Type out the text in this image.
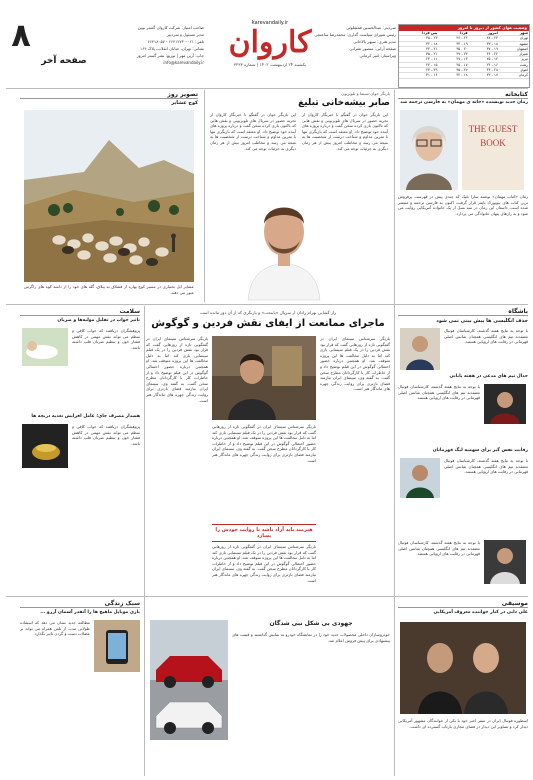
وضعیت هوای کشور از دیروز تا امروز
شهر	امروز	فردا	پس فردا
تهران	۲۴ - ۳۸	۲۲ - ۳۶	۲۳ - ۳۵
مشهد	۱۸ - ۳۳	۱۹ - ۳۴	۱۸ - ۳۲
اصفهان	۱۹ - ۳۷	۲۰ - ۳۵	۲۱ - ۳۴
شیراز	۲۲ - ۳۶	۲۳ - ۳۷	۲۱ - ۳۵
تبریز	۱۲ - ۲۵	۱۳ - ۲۷	۱۱ - ۲۴
رشت	۱۶ - ۲۴	۱۷ - ۲۵	۱۵ - ۲۳
اهواز	۲۸ - ۴۴	۲۷ - ۴۵	۲۹ - ۴۳
کرمان	۱۷ - ۳۳	۱۸ - ۳۲	۱۶ - ۳۱
karevandaily.ir
کاروان
یکشنبه ۲۴ اردیبهشت ۱۴۰۲ | شماره ۳۲۳۳
سردبیر: عبدالحسین قمشلوئی
رئیس شورای سیاست گذاری: محمدرضا ساعتچی
مدیر هنری: سپهر بالاخانی
صفحه آرایی: منصور غفرانی
ویراستار: امیر کرمانی
صاحب امتیاز: شرکت کاروان گستر نوین
مدیر مسئول و سردبیر
تلفن: ۰۲۱-۶۶۴۱۲۷۳۰ - ۶۶۴۱۸۰۵۷
نشانی: تهران، خیابان انقلاب، پلاک ۱۶۴
چاپ: آرین مهر | توزیع: نشر گستر امروز
info@karevandaily.ir
۸
صفحه آخر
تصویر روز
کوچ عشایر
عشایر ایل بختیاری در مسیر کوچ بهاره از قشلاق به ییلاق، گله های خود را از دامنه کوه های زاگرس عبور می دهند.
بازیگر جوان سینما و تلویزیون
صابر بیشه‌خانی تبلیغ
این بازیگر جوان در گفتگو با خبرنگار کاروان از تجربه حضور در سریال های تلویزیونی و نقش هایی که تاکنون بازی کرده سخن گفت و درباره پروژه های آینده خود توضیح داد. او معتقد است که بازیگری تنها با تمرین مداوم و شناخت درست از شخصیت ها به نتیجه می رسد و مخاطب امروز بیش از هر زمان دیگری به جزئیات توجه می کند.
این بازیگر جوان در گفتگو با خبرنگار کاروان از تجربه حضور در سریال های تلویزیونی و نقش هایی که تاکنون بازی کرده سخن گفت و درباره پروژه های آینده خود توضیح داد. او معتقد است که بازیگری تنها با تمرین مداوم و شناخت درست از شخصیت ها به نتیجه می رسد و مخاطب امروز بیش از هر زمان دیگری به جزئیات توجه می کند.
کتابخانه
رمان جدید نویسنده «خانه ی مهمان» به فارسی ترجمه شد
THE GUEST BOOK
رمان «کتاب مهمان» نوشته سارا بلیک که چندی پیش در فهرست پرفروش ترین کتاب های نیویورک تایمز قرار گرفت، اکنون به فارسی ترجمه و منتشر شده است. داستان این رمان در سه نسل از یک خانواده آمریکایی روایت می شود و به رازهای پنهان خانوادگی می پردازد.
سلامت
تاثیر خواب در تقلیل مولیه‌ها و ضربان
پژوهشگران دریافتند که خواب کافی و منظم می تواند نقش مهمی در کاهش فشار خون و تنظیم ضربان قلب داشته باشد.
هشدار مصرف چای؛ عامل افزایش تغذیه دربچه ها
پژوهشگران دریافتند که خواب کافی و منظم می تواند نقش مهمی در کاهش فشار خون و تنظیم ضربان قلب داشته باشد.
راز گشایی بهرام رادان از سریال «پایتخت» و بازیگری که از آن دور مانده است
ماجرای ممانعت از ایفای نقش فردین و گوگوش
بازیگر سرشناس سینمای ایران در گفتگویی تازه از روزهایی گفت که قرار بود نقش فردین را در یک فیلم سینمایی بازی کند اما به دلیل مخالفت ها این پروژه متوقف شد. او همچنین درباره حضور احتمالی گوگوش در این فیلم توضیح داد و از خاطرات کار با کارگردانان مطرح سخن گفت. به گفته وی، سینمای ایران نیازمند فضای بازتری برای روایت زندگی چهره های ماندگار هنر است.
بازیگر سرشناس سینمای ایران در گفتگویی تازه از روزهایی گفت که قرار بود نقش فردین را در یک فیلم سینمایی بازی کند اما به دلیل مخالفت ها این پروژه متوقف شد. او همچنین درباره حضور احتمالی گوگوش در این فیلم توضیح داد و از خاطرات کار با کارگردانان مطرح سخن گفت. به گفته وی، سینمای ایران نیازمند فضای بازتری برای روایت زندگی چهره های ماندگار هنر است.
بازیگر سرشناس سینمای ایران در گفتگویی تازه از روزهایی گفت که قرار بود نقش فردین را در یک فیلم سینمایی بازی کند اما به دلیل مخالفت ها این پروژه متوقف شد. او همچنین درباره حضور احتمالی گوگوش در این فیلم توضیح داد و از خاطرات کار با کارگردانان مطرح سخن گفت. به گفته وی، سینمای ایران نیازمند فضای بازتری برای روایت زندگی چهره های ماندگار هنر است.
هنرمند باید آزاد باشد تا روایت خودش را بسازد
بازیگر سرشناس سینمای ایران در گفتگویی تازه از روزهایی گفت که قرار بود نقش فردین را در یک فیلم سینمایی بازی کند اما به دلیل مخالفت ها این پروژه متوقف شد. او همچنین درباره حضور احتمالی گوگوش در این فیلم توضیح داد و از خاطرات کار با کارگردانان مطرح سخن گفت. به گفته وی، سینمای ایران نیازمند فضای بازتری برای روایت زندگی چهره های ماندگار هنر است.
باشگاه
حذف انگلیسی ها پیش بینی نمی شود
با توجه به نتایج هفته گذشته، کارشناسان فوتبال معتقدند تیم های انگلیسی همچنان شانس اصلی قهرمانی در رقابت های اروپایی هستند.
جدال تیم های مدعی در هفته پایانی
با توجه به نتایج هفته گذشته، کارشناسان فوتبال معتقدند تیم های انگلیسی همچنان شانس اصلی قهرمانی در رقابت های اروپایی هستند.
رقابت نفس گیر برای سهمیه لیگ قهرمانان
با توجه به نتایج هفته گذشته، کارشناسان فوتبال معتقدند تیم های انگلیسی همچنان شانس اصلی قهرمانی در رقابت های اروپایی هستند.
با توجه به نتایج هفته گذشته، کارشناسان فوتبال معتقدند تیم های انگلیسی همچنان شانس اصلی قهرمانی در رقابت های اروپایی هستند.
سبک زندگی
بازی موبایل ماهیچ ها را آنقدر آسمان آرزو ...
مطالعه جدید نشان می دهد که استفاده طولانی مدت از تلفن همراه می تواند بر عضلات دست و گردن تاثیر بگذارد.
جهودی بی شکل نبی شدگان
خودروسازان داخلی محصولات جدید خود را در نمایشگاه خودرو به نمایش گذاشتند و قیمت های پیشنهادی برای پیش فروش اعلام شد.
موسیقی
علی دایی در کنار خواننده معروف آمریکایی
اسطوره فوتبال ایران در سفر اخیر خود با یکی از خوانندگان مشهور آمریکایی دیدار کرد و تصاویر این دیدار در فضای مجازی بازتاب گسترده ای داشت.
